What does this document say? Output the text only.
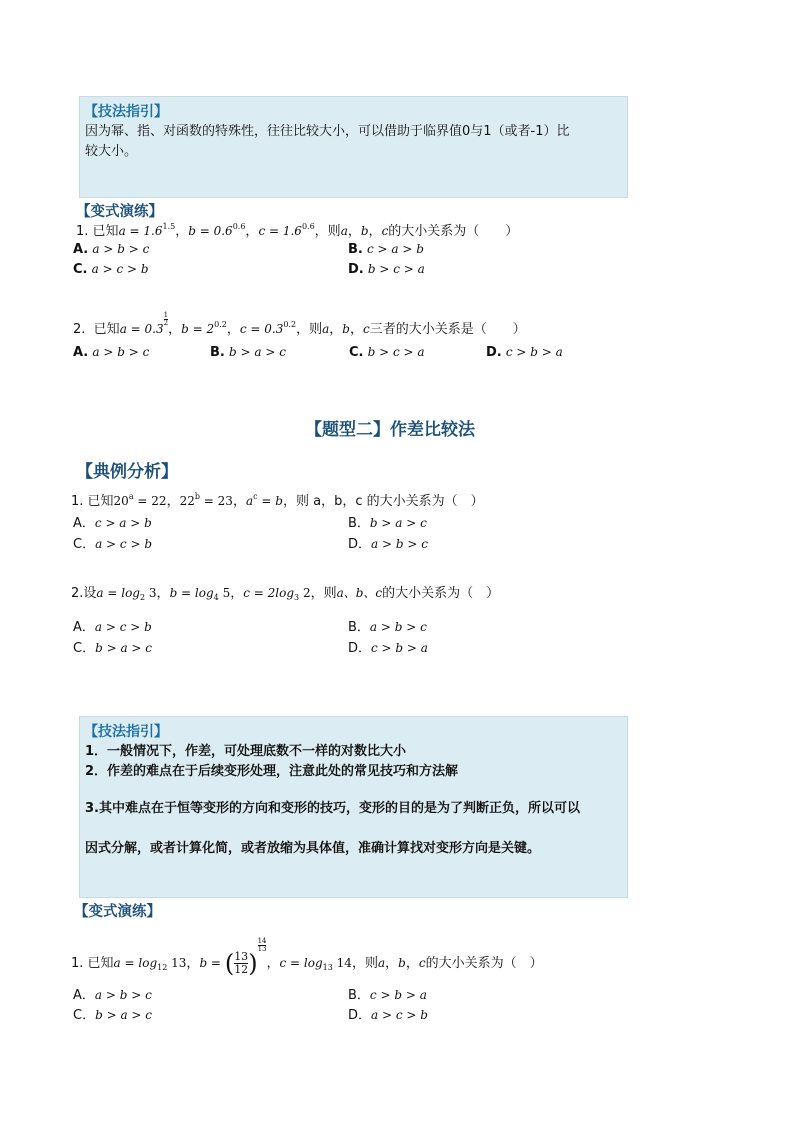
【技法指引】
因为幂、指、对函数的特殊性，往往比较大小，可以借助于临界值0与1（或者-1）比
较大小。
【变式演练】
1. 已知$a = 1.6^{1.5}$，$b = 0.6^{0.6}$，$c = 1.6^{0.6}$，则a，b，c的大小关系为（　　）
A. a > b > c	B. c > a > b
C. a > c > b	D. b > c > a
2. 已知a = 0.3
$\frac{1}{2}$
，$b = 2^{0.2}$，$c = 0.3^{0.2}$，则a，b，c三者的大小关系是（　　）
A. a > b > c	B. b > a > c	C. b > c > a	D. c > b > a
【题型二】作差比较法
【典例分析】
1. 已知$20^a = 22$，$22^b = 23$，$a^c = b$，则 a，b，c 的大小关系为（　）
A．c > a > b	B．b > a > c
C．a > c > b	D．a > b > c
2.设$a = \log_2 3$，$b = \log_4 5$，$c = 2\log_3$ 2，则a、b、c的大小关系为（　）
A．a > c > b	B．a > b > c
C．b > a > c	D．c > b > a
【技法指引】
1．一般情况下，作差，可处理底数不一样的对数比大小
2．作差的难点在于后续变形处理，注意此处的常见技巧和方法解
3.其中难点在于恒等变形的方向和变形的技巧，变形的目的是为了判断正负，所以可以
因式分解，或者计算化简，或者放缩为具体值，准确计算找对变形方向是关键。
【变式演练】
1. 已知$a = \log_{12} 13$，b = ( $\frac{13}{12}$ )
$\frac{14}{13}$
，$c = \log_{13} 14$，则a，b，c的大小关系为（　）
A．a > b > c	B．c > b > a
C．b > a > c	D．a > c > b
